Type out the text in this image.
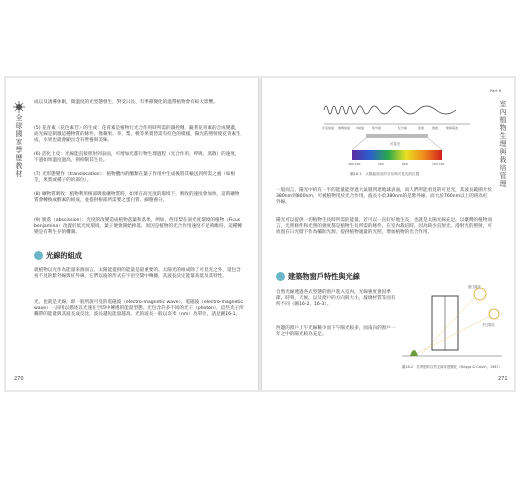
全球國家學歷教材
成以及誘導休眠，徵溫度的光型態發生，對受日長、有季節變化的溫帶植物會有較大影響。
(5) 花青素（花色素苷）的生成：花青素是植物行光合作用時所需的調控劑，隨著花青素的合成變濃，而光線是刺激這種物質的條件，像蘋果、李、梨、桃等果實皆需有紅色的模樣，陽光的照射使花青素生成，水果也就會顯出含有營養與美味。
(6) 活化上皮：光線能直接照射到表面，可增加光都行物生理過程（光合作用、呼吸、蒸散）的速度，不過如果溫度過高，則抑制其生長。
(7) 光形態變作（translocation）：植物體內的醣類在葉子作用中生成後將其輸送到所需之處（如根莖，果實或種子的的部位）。
(8) 礦物質吸收：植物利用根部吸收礦物質時，如果在高光度的環境下，吸收的速度會加快，這時礦物質會轉換成酵素的組成，並提供根部所需要之蛋白質、細胞養分。
(9) 脫落（abscission）：光度的改變造成植物落葉和落果，例如，西洋梨在弱光度環境的植物（Ficus benjamina）改置於低光度環境，葉子便會開始掉落，原因是植物的光合作用速度不足夠維持，這種轉變是有利生存的機制。
光線的組成
就植物以光作為能量來源而言，太陽能提供的能量是最重要的。太陽光的組成除了可見光之外，還包含看不見的紫外線與紅外線，它們以波的形式在宇宙空間中傳播，其波長決定能量高低及其特性。
光、也就是光線，即一般所說可見的電磁波（electro-magnetic wave）。電磁波（electro-magnetic wave）一詞用以描述以光速在空間中傳遞的能量型態。光包含許多不同的光子（photon），這些光子所攜帶的能量與其波長成反比，波長越短能量越高。光的波長一般以奈米（nm）為單位，請見圖16-1。
270
Part 6
室內植物生理與栽培管理
宇宙射線 伽瑪射線 X射線	紫外線	紅外線	雷達	微波	無線電波
可見光
380 400	500	600	700 760
圖16-1　太陽能放出的分布與可見光的位置
一般而言，陽光中約有一半的能量能穿過大氣層到達地球表面，而人們所能看見的可見光，其波長範圍介於380nm到800nm，可被植物用於光合作用。波長小於380nm的是紫外線，而大於760nm以上的則為紅外線。
陽光可以提供一切植物生長時所需的能量，若可以一直好好地生長，也就是太陽光線充足。以臺灣的植物而言，光照條件和光照的強度都是植物生長所需的條件。在室內栽培時，因為缺少直射光、漫射光的照射，可放置在日光燈下作為輔助光源，提供植物適量的光照，增加植物的光合作用。
建築物窗戶特性與光線
自然光線透過各式型態的窗戶進入室內，光線強度會因季節、時刻、天候，以及窗戶的方向與大小，玻璃材質等而有所不同（圖16-2、16-3）。
西邊的窗戶上午光線稀少而下午陽光較多，而南向的窗戶一年之中的陽光較為充足。
夏日陽光
冬日陽光
圖16-2　各季節的自然光線穿透變化（Briggs & Calvin，1987）
271
